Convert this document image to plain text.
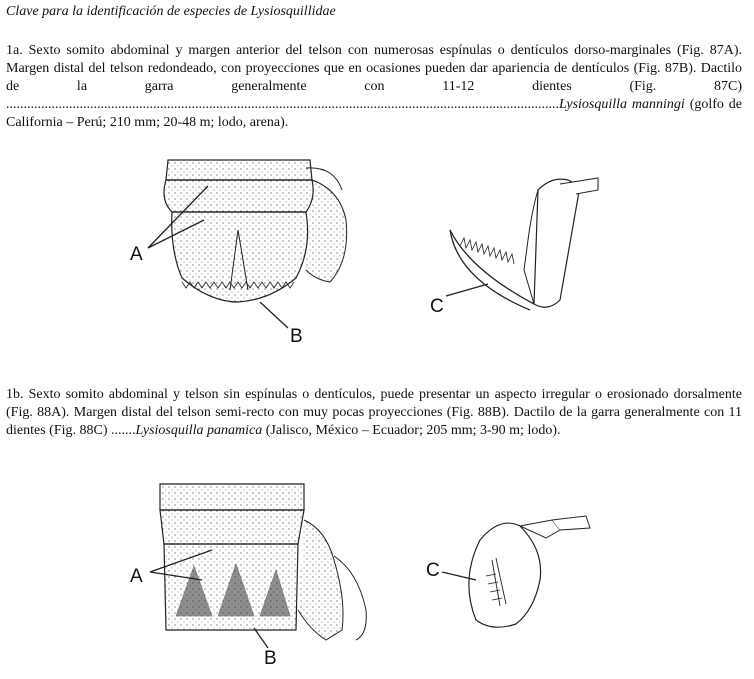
Clave para la identificación de especies de Lysiosquillidae

1a. Sexto somito abdominal y margen anterior del telson con numerosas espínulas o dentículos dorso-marginales (Fig. 87A). Margen distal del telson redondeado, con proyecciones que en ocasiones pueden dar apariencia de dentículos (Fig. 87B). Dactilo de la garra generalmente con 11-12 dientes (Fig. 87C) ..............................................................................................................................................................Lysiosquilla manningi (golfo de California – Perú; 210 mm; 20-48 m; lodo, arena).

1b. Sexto somito abdominal y telson sin espínulas o dentículos, puede presentar un aspecto irregular o erosionado dorsalmente (Fig. 88A). Margen distal del telson semi-recto con muy pocas proyecciones (Fig. 88B). Dactilo de la garra generalmente con 11 dientes (Fig. 88C) .......Lysiosquilla panamica (Jalisco, México – Ecuador; 205 mm; 3-90 m; lodo).

A
B
C
A
B
C
